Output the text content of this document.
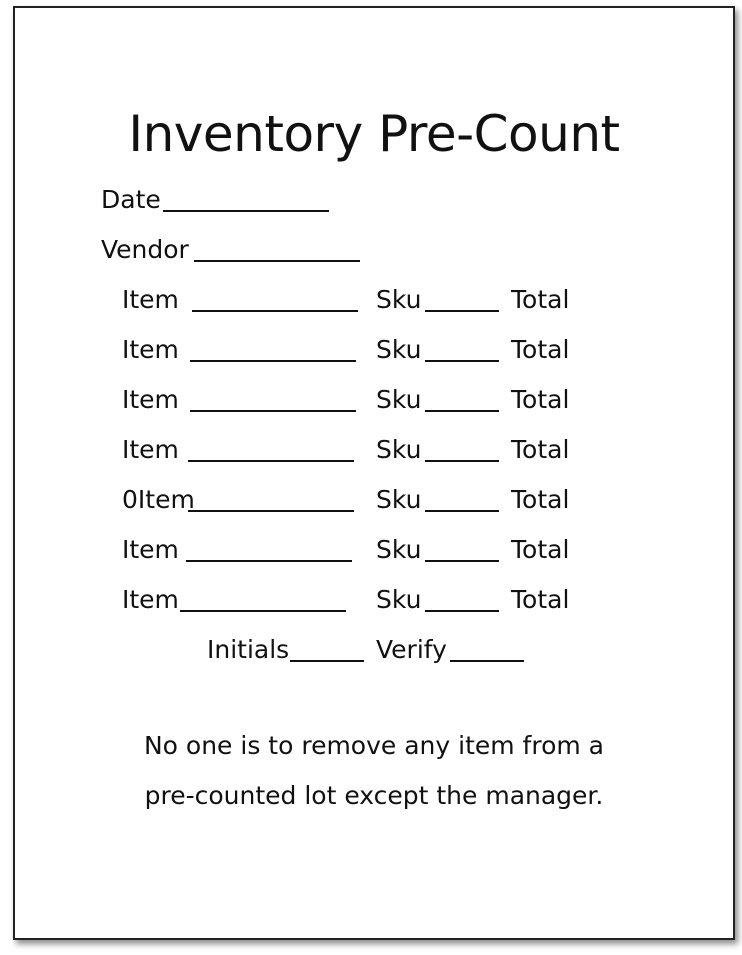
Inventory Pre-Count
Date
Vendor
Item	Sku	Total
Item	Sku	Total
Item	Sku	Total
Item	Sku	Total
0Item	Sku	Total
Item	Sku	Total
Item	Sku	Total
Initials	Verify
No one is to remove any item from a
pre-counted lot except the manager.
